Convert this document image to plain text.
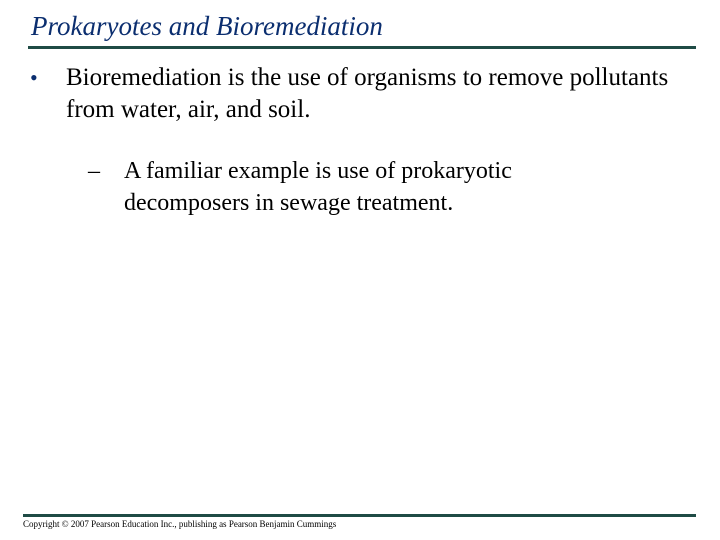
Prokaryotes and Bioremediation
• Bioremediation is the use of organisms to remove pollutants from water, air, and soil.
– A familiar example is use of prokaryotic decomposers in sewage treatment.
Copyright © 2007 Pearson Education Inc., publishing as Pearson Benjamin Cummings
